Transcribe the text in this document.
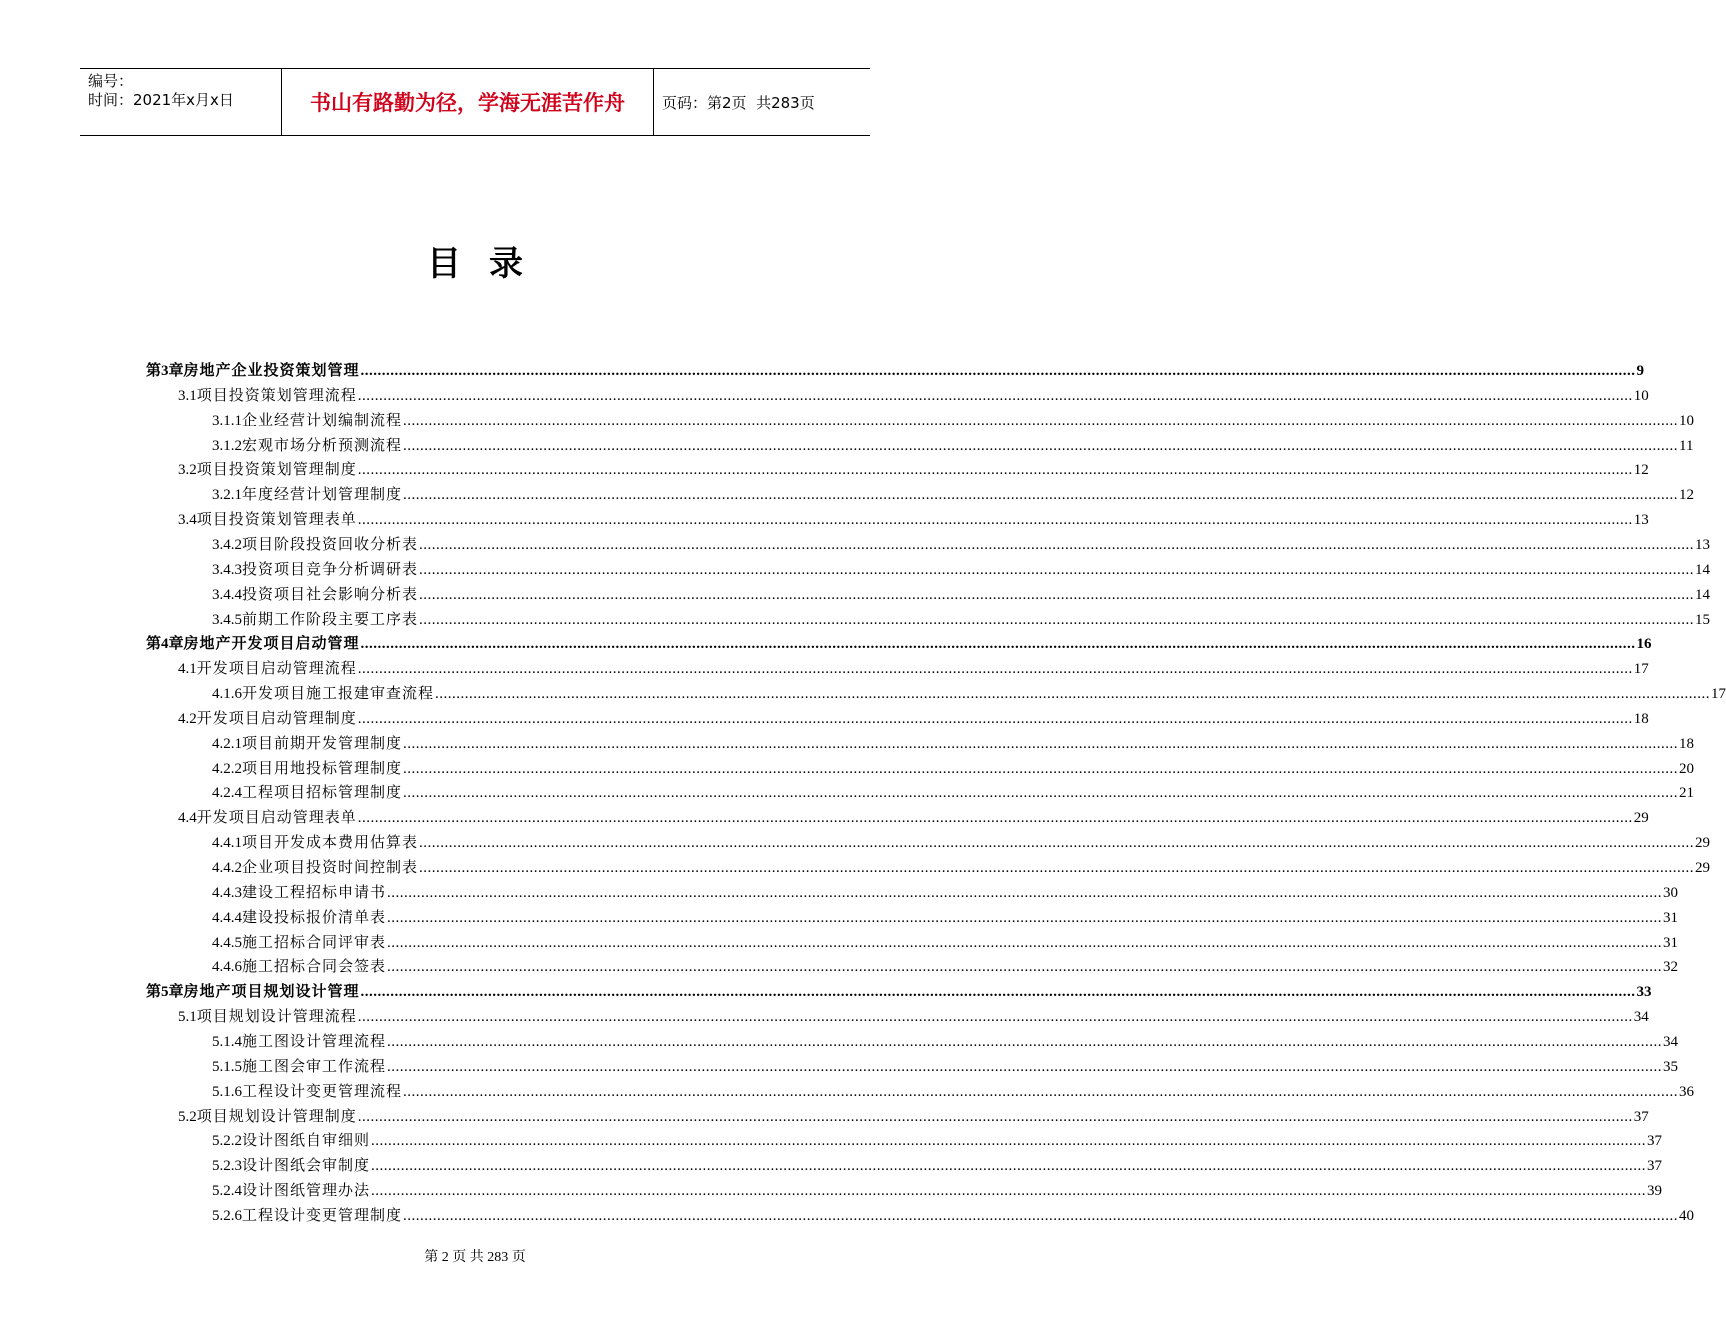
编号：
时间：2021年x月x日	书山有路勤为径，学海无涯苦作舟	页码：第2页  共283页
目录
第3章 房地产企业投资策划管理 ............................................................................................................................................................................................................................................................................................................ 9
3.1 项目投资策划管理流程 ............................................................................................................................................................................................................................................................................................................ 10
3.1.1 企业经营计划编制流程 ............................................................................................................................................................................................................................................................................................................ 10
3.1.2 宏观市场分析预测流程 ............................................................................................................................................................................................................................................................................................................ 11
3.2 项目投资策划管理制度 ............................................................................................................................................................................................................................................................................................................ 12
3.2.1 年度经营计划管理制度 ............................................................................................................................................................................................................................................................................................................ 12
3.4 项目投资策划管理表单 ............................................................................................................................................................................................................................................................................................................ 13
3.4.2 项目阶段投资回收分析表 ............................................................................................................................................................................................................................................................................................................ 13
3.4.3 投资项目竞争分析调研表 ............................................................................................................................................................................................................................................................................................................ 14
3.4.4 投资项目社会影响分析表 ............................................................................................................................................................................................................................................................................................................ 14
3.4.5 前期工作阶段主要工序表 ............................................................................................................................................................................................................................................................................................................ 15
第4章 房地产开发项目启动管理 ............................................................................................................................................................................................................................................................................................................ 16
4.1 开发项目启动管理流程 ............................................................................................................................................................................................................................................................................................................ 17
4.1.6 开发项目施工报建审查流程 ............................................................................................................................................................................................................................................................................................................ 17
4.2 开发项目启动管理制度 ............................................................................................................................................................................................................................................................................................................ 18
4.2.1 项目前期开发管理制度 ............................................................................................................................................................................................................................................................................................................ 18
4.2.2 项目用地投标管理制度 ............................................................................................................................................................................................................................................................................................................ 20
4.2.4 工程项目招标管理制度 ............................................................................................................................................................................................................................................................................................................ 21
4.4 开发项目启动管理表单 ............................................................................................................................................................................................................................................................................................................ 29
4.4.1 项目开发成本费用估算表 ............................................................................................................................................................................................................................................................................................................ 29
4.4.2 企业项目投资时间控制表 ............................................................................................................................................................................................................................................................................................................ 29
4.4.3 建设工程招标申请书 ............................................................................................................................................................................................................................................................................................................ 30
4.4.4 建设投标报价清单表 ............................................................................................................................................................................................................................................................................................................ 31
4.4.5 施工招标合同评审表 ............................................................................................................................................................................................................................................................................................................ 31
4.4.6 施工招标合同会签表 ............................................................................................................................................................................................................................................................................................................ 32
第5章 房地产项目规划设计管理 ............................................................................................................................................................................................................................................................................................................ 33
5.1 项目规划设计管理流程 ............................................................................................................................................................................................................................................................................................................ 34
5.1.4 施工图设计管理流程 ............................................................................................................................................................................................................................................................................................................ 34
5.1.5 施工图会审工作流程 ............................................................................................................................................................................................................................................................................................................ 35
5.1.6 工程设计变更管理流程 ............................................................................................................................................................................................................................................................................................................ 36
5.2 项目规划设计管理制度 ............................................................................................................................................................................................................................................................................................................ 37
5.2.2 设计图纸自审细则 ............................................................................................................................................................................................................................................................................................................ 37
5.2.3 设计图纸会审制度 ............................................................................................................................................................................................................................................................................................................ 37
5.2.4 设计图纸管理办法 ............................................................................................................................................................................................................................................................................................................ 39
5.2.6 工程设计变更管理制度 ............................................................................................................................................................................................................................................................................................................ 40
第 2 页 共 283 页
